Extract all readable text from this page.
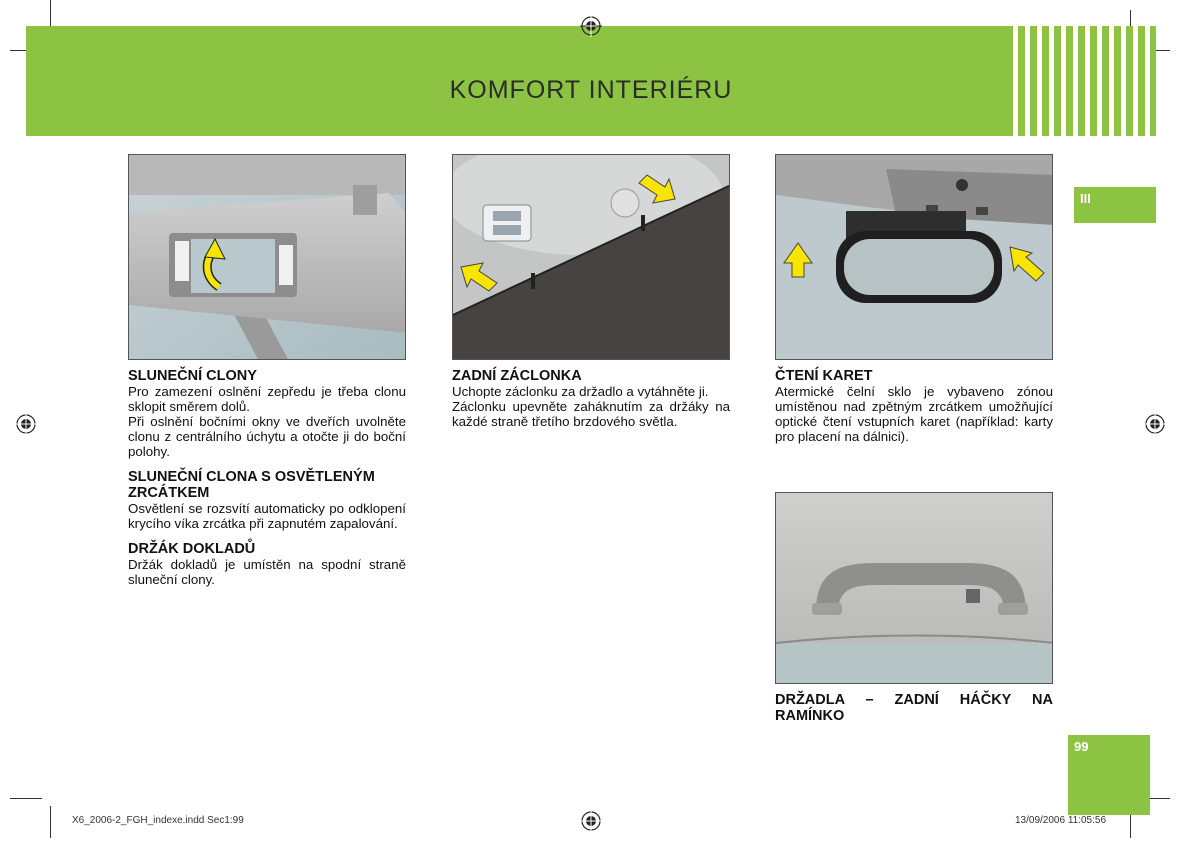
KOMFORT INTERIÉRU
III
SLUNEČNÍ CLONY

Pro zamezení oslnění zepředu je třeba clonu sklopit směrem dolů.

Při oslnění bočními okny ve dveřích uvolněte clonu z centrálního úchytu a otočte ji do boční polohy.

SLUNEČNÍ CLONA S OSVĚTLENÝM ZRCÁTKEM

Osvětlení se rozsvítí automaticky po odklopení krycího víka zrcátka při zapnutém zapalování.

DRŽÁK DOKLADŮ

Držák dokladů je umístěn na spodní straně sluneční clony.

ZADNÍ ZÁCLONKA

Uchopte záclonku za držadlo a vytáhněte ji.

Záclonku upevněte zaháknutím za držáky na každé straně třetího brzdového světla.

ČTENÍ KARET

Atermické čelní sklo je vybaveno zónou umístěnou nad zpětným zrcátkem umožňující optické čtení vstupních karet (například: karty pro placení na dálnici).

DRŽADLA – ZADNÍ HÁČKY NA RAMÍNKO
99
X6_2006-2_FGH_indexe.indd Sec1:99	13/09/2006 11:05:56
